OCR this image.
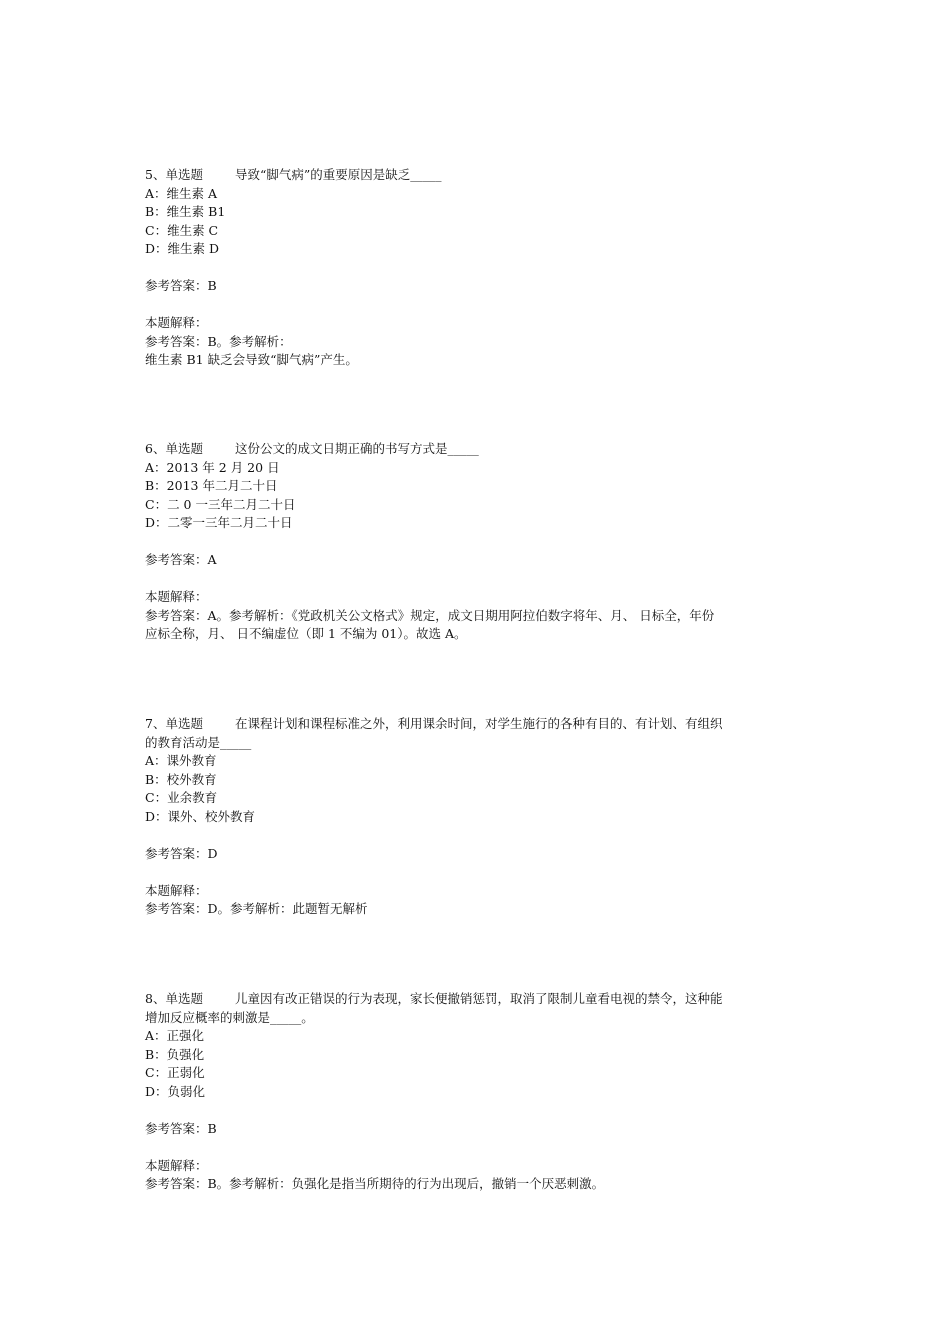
5、单选题	导致“脚气病”的重要原因是缺乏_____
A：维生素 A
B：维生素 B1
C：维生素 C
D：维生素 D
参考答案：B
本题解释：
参考答案：B。参考解析：
维生素 B1 缺乏会导致“脚气病”产生。
6、单选题	这份公文的成文日期正确的书写方式是_____
A：2013 年 2 月 20 日
B：2013 年二月二十日
C：二 0 一三年二月二十日
D：二零一三年二月二十日
参考答案：A
本题解释：
参考答案：A。参考解析：《党政机关公文格式》规定，成文日期用阿拉伯数字将年、月、 日标全，年份
应标全称，月、 日不编虚位（即 1 不编为 01）。故选 A。
7、单选题	在课程计划和课程标准之外，利用课余时间，对学生施行的各种有目的、有计划、有组织
的教育活动是_____
A：课外教育
B：校外教育
C：业余教育
D：课外、校外教育
参考答案：D
本题解释：
参考答案：D。参考解析：此题暂无解析
8、单选题	儿童因有改正错误的行为表现，家长便撤销惩罚，取消了限制儿童看电视的禁令，这种能
增加反应概率的刺激是_____。
A：正强化
B：负强化
C：正弱化
D：负弱化
参考答案：B
本题解释：
参考答案：B。参考解析：负强化是指当所期待的行为出现后，撤销一个厌恶刺激。
